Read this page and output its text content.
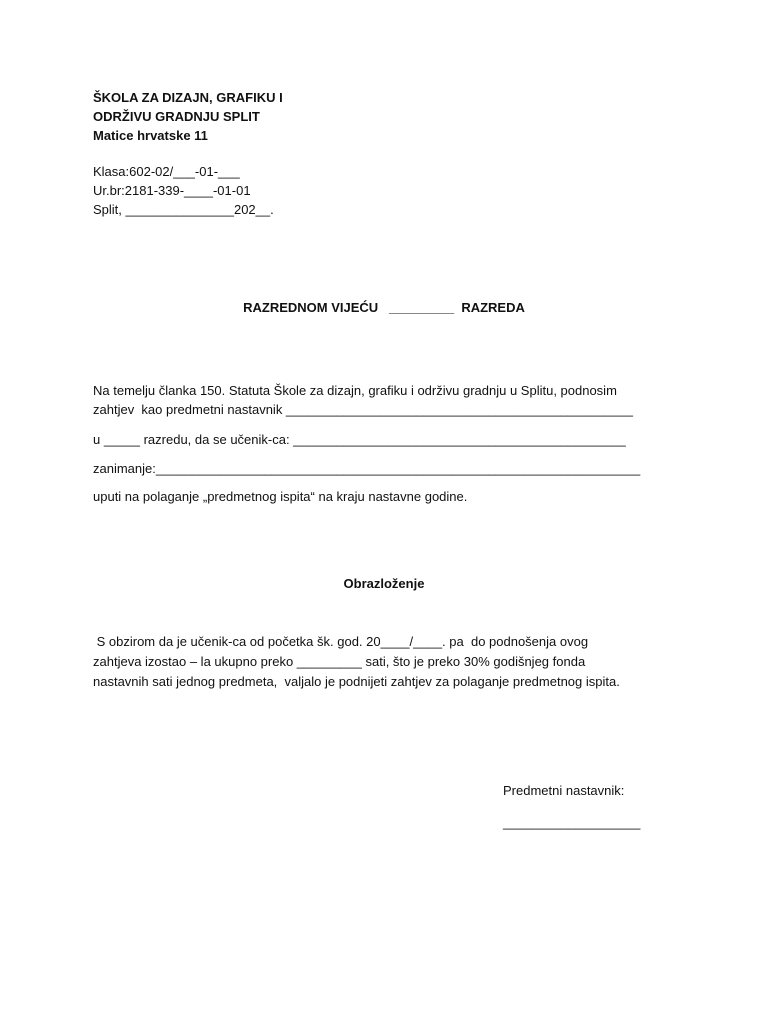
ŠKOLA ZA DIZAJN, GRAFIKU I
ODRŽIVU GRADNJU SPLIT
Matice hrvatske 11
Klasa:602-02/___-01-___
Ur.br:2181-339-____-01-01
Split, _______________202__.
RAZREDNOM VIJEĆU   _________  RAZREDA
Na temelju članka 150. Statuta Škole za dizajn, grafiku i održivu gradnju u Splitu, podnosim
zahtjev  kao predmetni nastavnik ________________________________________________
u _____ razredu, da se učenik-ca: ______________________________________________
zanimanje:___________________________________________________________________
uputi na polaganje „predmetnog ispita“ na kraju nastavne godine.
Obrazloženje
S obzirom da je učenik-ca od početka šk. god. 20____/____. pa  do podnošenja ovog
zahtjeva izostao – la ukupno preko _________ sati, što je preko 30% godišnjeg fonda
nastavnih sati jednog predmeta,  valjalo je podnijeti zahtjev za polaganje predmetnog ispita.
Predmetni nastavnik:
___________________
